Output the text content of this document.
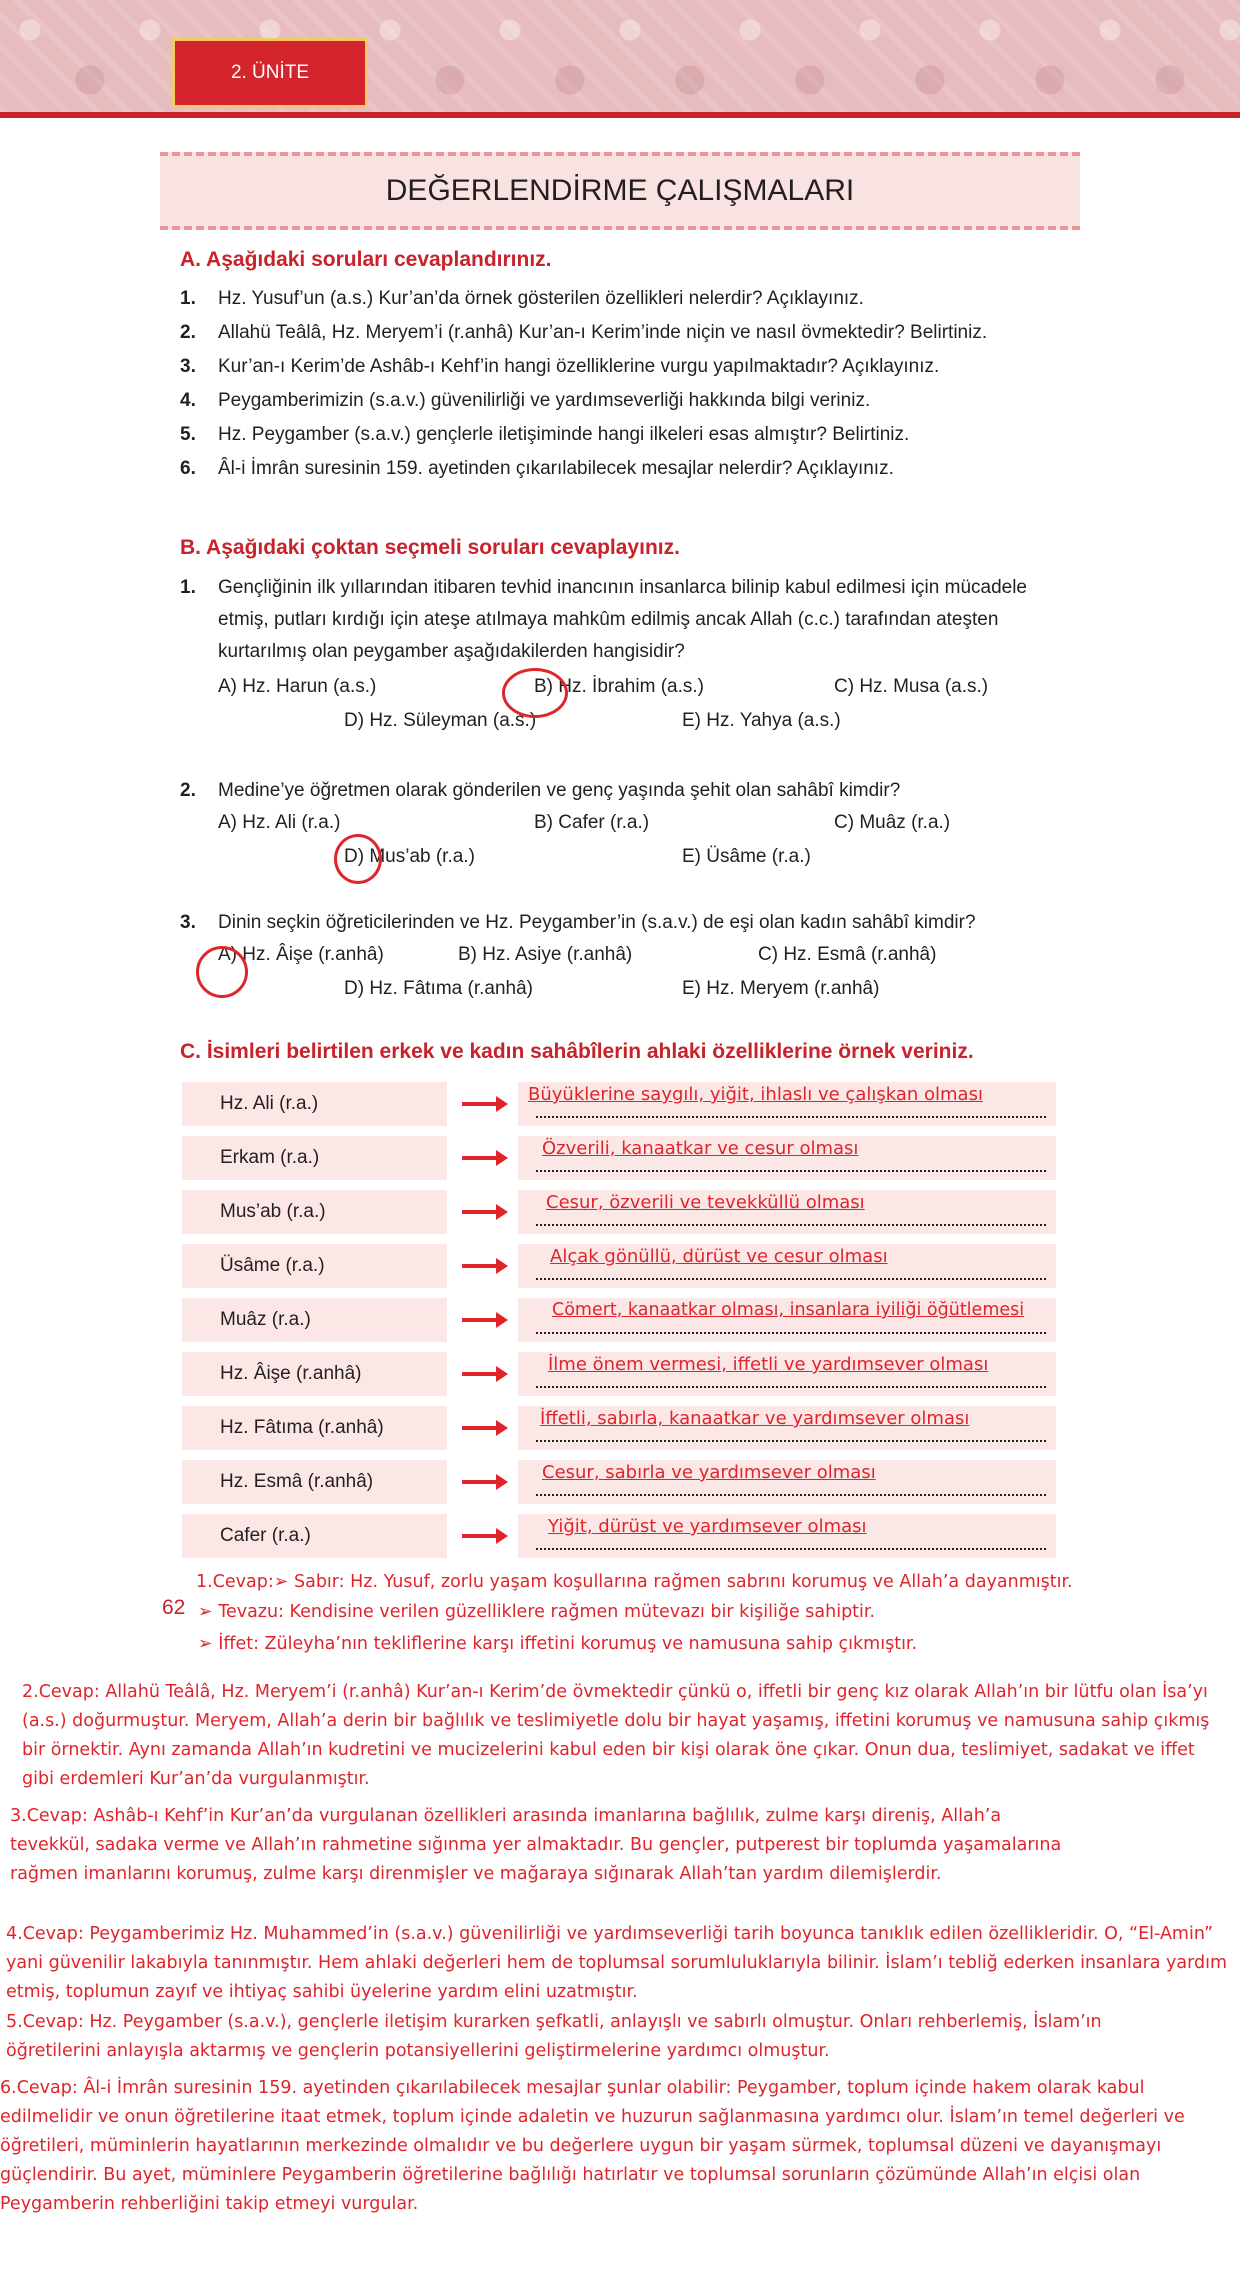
2. ÜNİTE
DEĞERLENDİRME ÇALIŞMALARI
A. Aşağıdaki soruları cevaplandırınız.
1.	Hz. Yusuf’un (a.s.) Kur’an’da örnek gösterilen özellikleri nelerdir? Açıklayınız.
2.	Allahü Teâlâ, Hz. Meryem’i (r.anhâ) Kur’an-ı Kerim’inde niçin ve nasıl övmektedir? Belirtiniz.
3.	Kur’an-ı Kerim’de Ashâb-ı Kehf’in hangi özelliklerine vurgu yapılmaktadır? Açıklayınız.
4.	Peygamberimizin (s.a.v.) güvenilirliği ve yardımseverliği hakkında bilgi veriniz.
5.	Hz. Peygamber (s.a.v.) gençlerle iletişiminde hangi ilkeleri esas almıştır? Belirtiniz.
6.	Âl-i İmrân suresinin 159. ayetinden çıkarılabilecek mesajlar nelerdir? Açıklayınız.
B. Aşağıdaki çoktan seçmeli soruları cevaplayınız.
1.	Gençliğinin ilk yıllarından itibaren tevhid inancının insanlarca bilinip kabul edilmesi için mücadele etmiş, putları kırdığı için ateşe atılmaya mahkûm edilmiş ancak Allah (c.c.) tarafından ateşten kurtarılmış olan peygamber aşağıdakilerden hangisidir?
A) Hz. Harun (a.s.)	B) Hz. İbrahim (a.s.)	C) Hz. Musa (a.s.)
D) Hz. Süleyman (a.s.)	E) Hz. Yahya (a.s.)
2.	Medine’ye öğretmen olarak gönderilen ve genç yaşında şehit olan sahâbî kimdir?
A) Hz. Ali (r.a.)	B) Cafer (r.a.)	C) Muâz (r.a.)
D) Mus’ab (r.a.)	E) Üsâme (r.a.)
3.	Dinin seçkin öğreticilerinden ve Hz. Peygamber’in (s.a.v.) de eşi olan kadın sahâbî kimdir?
A) Hz. Âişe (r.anhâ)	B) Hz. Asiye (r.anhâ)	C) Hz. Esmâ (r.anhâ)
D) Hz. Fâtıma (r.anhâ)	E) Hz. Meryem (r.anhâ)
C. İsimleri belirtilen erkek ve kadın sahâbîlerin ahlaki özelliklerine örnek veriniz.
Hz. Ali (r.a.)	Büyüklerine saygılı, yiğit, ihlaslı ve çalışkan olması
Erkam (r.a.)	Özverili, kanaatkar ve cesur olması
Mus’ab (r.a.)	Cesur, özverili ve tevekküllü olması
Üsâme (r.a.)	Alçak gönüllü, dürüst ve cesur olması
Muâz (r.a.)	Cömert, kanaatkar olması, insanlara iyiliği öğütlemesi
Hz. Âişe (r.anhâ)	İlme önem vermesi, iffetli ve yardımsever olması
Hz. Fâtıma (r.anhâ)	İffetli, sabırla, kanaatkar ve yardımsever olması
Hz. Esmâ (r.anhâ)	Cesur, sabırla ve yardımsever olması
Cafer (r.a.)	Yiğit, dürüst ve yardımsever olması
62
1.Cevap:➢ Sabır: Hz. Yusuf, zorlu yaşam koşullarına rağmen sabrını korumuş ve Allah’a dayanmıştır.
➢ Tevazu: Kendisine verilen güzelliklere rağmen mütevazı bir kişiliğe sahiptir.
➢ İffet: Züleyha’nın tekliflerine karşı iffetini korumuş ve namusuna sahip çıkmıştır.
2.Cevap: Allahü Teâlâ, Hz. Meryem’i (r.anhâ) Kur’an-ı Kerim’de övmektedir çünkü o, iffetli bir genç kız olarak Allah’ın bir lütfu olan İsa’yı (a.s.) doğurmuştur. Meryem, Allah’a derin bir bağlılık ve teslimiyetle dolu bir hayat yaşamış, iffetini korumuş ve namusuna sahip çıkmış bir örnektir. Aynı zamanda Allah’ın kudretini ve mucizelerini kabul eden bir kişi olarak öne çıkar. Onun dua, teslimiyet, sadakat ve iffet gibi erdemleri Kur’an’da vurgulanmıştır.
3.Cevap: Ashâb-ı Kehf’in Kur’an’da vurgulanan özellikleri arasında imanlarına bağlılık, zulme karşı direniş, Allah’a tevekkül, sadaka verme ve Allah’ın rahmetine sığınma yer almaktadır. Bu gençler, putperest bir toplumda yaşamalarına rağmen imanlarını korumuş, zulme karşı direnmişler ve mağaraya sığınarak Allah’tan yardım dilemişlerdir.
4.Cevap: Peygamberimiz Hz. Muhammed’in (s.a.v.) güvenilirliği ve yardımseverliği tarih boyunca tanıklık edilen özellikleridir. O, “El-Amin” yani güvenilir lakabıyla tanınmıştır. Hem ahlaki değerleri hem de toplumsal sorumluluklarıyla bilinir. İslam’ı tebliğ ederken insanlara yardım etmiş, toplumun zayıf ve ihtiyaç sahibi üyelerine yardım elini uzatmıştır.
5.Cevap: Hz. Peygamber (s.a.v.), gençlerle iletişim kurarken şefkatli, anlayışlı ve sabırlı olmuştur. Onları rehberlemiş, İslam’ın öğretilerini anlayışla aktarmış ve gençlerin potansiyellerini geliştirmelerine yardımcı olmuştur.
6.Cevap: Âl-i İmrân suresinin 159. ayetinden çıkarılabilecek mesajlar şunlar olabilir: Peygamber, toplum içinde hakem olarak kabul edilmelidir ve onun öğretilerine itaat etmek, toplum içinde adaletin ve huzurun sağlanmasına yardımcı olur. İslam’ın temel değerleri ve öğretileri, müminlerin hayatlarının merkezinde olmalıdır ve bu değerlere uygun bir yaşam sürmek, toplumsal düzeni ve dayanışmayı güçlendirir. Bu ayet, müminlere Peygamberin öğretilerine bağlılığı hatırlatır ve toplumsal sorunların çözümünde Allah’ın elçisi olan Peygamberin rehberliğini takip etmeyi vurgular.
